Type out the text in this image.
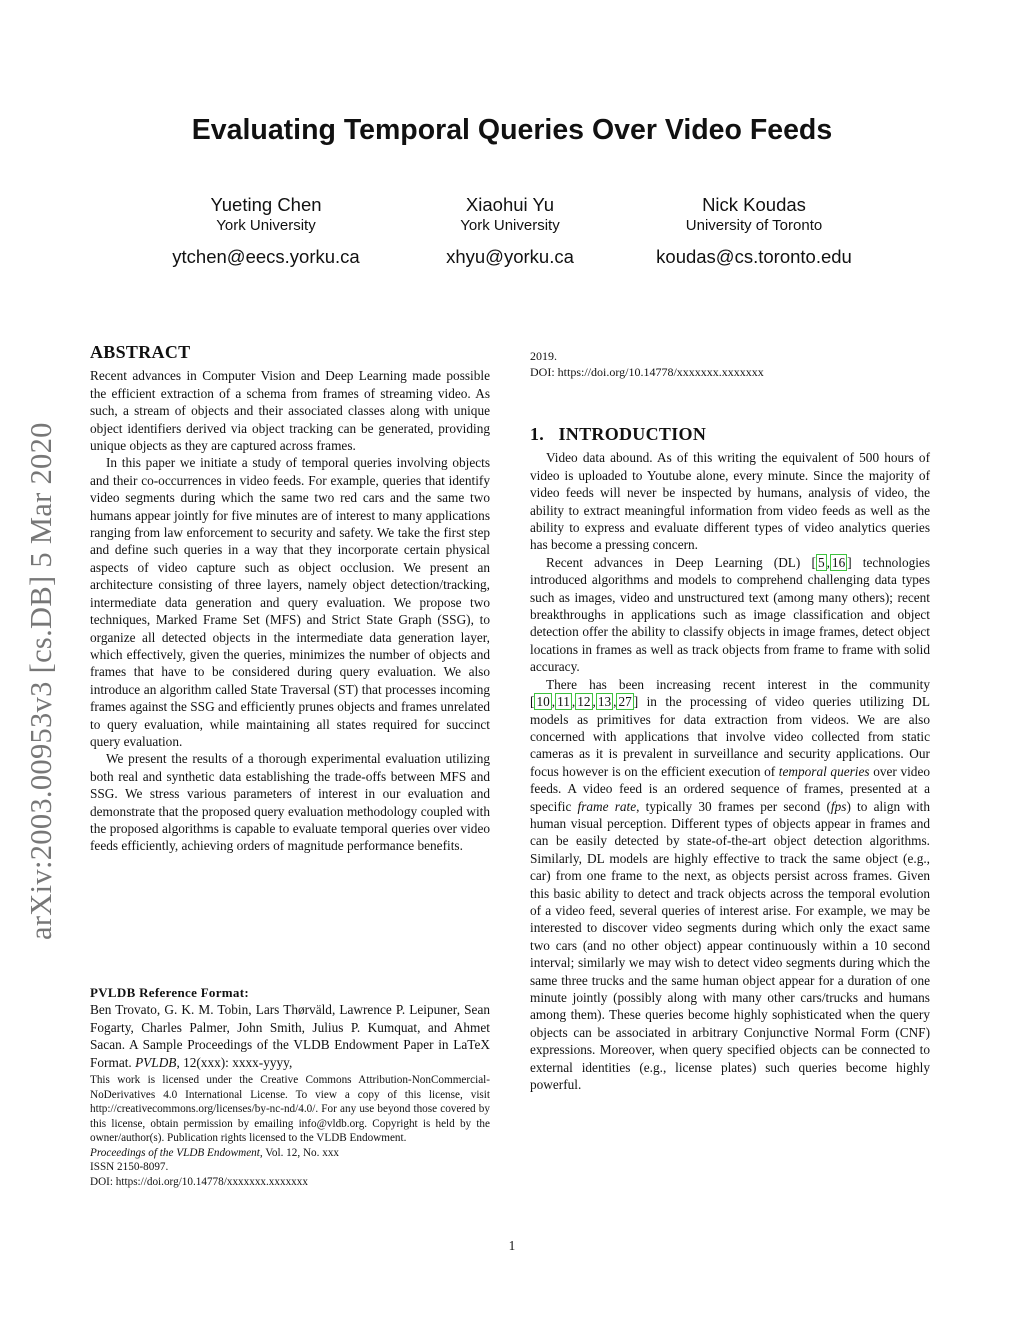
arXiv:2003.00953v3 [cs.DB] 5 Mar 2020
Evaluating Temporal Queries Over Video Feeds
Yueting Chen
York University
ytchen@eecs.yorku.ca
Xiaohui Yu
York University
xhyu@yorku.ca
Nick Koudas
University of Toronto
koudas@cs.toronto.edu
ABSTRACT

Recent advances in Computer Vision and Deep Learning made possible the efficient extraction of a schema from frames of streaming video. As such, a stream of objects and their associated classes along with unique object identifiers derived via object tracking can be generated, providing unique objects as they are captured across frames.

In this paper we initiate a study of temporal queries involving objects and their co-occurrences in video feeds. For example, queries that identify video segments during which the same two red cars and the same two humans appear jointly for five minutes are of interest to many applications ranging from law enforcement to security and safety. We take the first step and define such queries in a way that they incorporate certain physical aspects of video capture such as object occlusion. We present an architecture consisting of three layers, namely object detection/tracking, intermediate data generation and query evaluation. We propose two techniques, Marked Frame Set (MFS) and Strict State Graph (SSG), to organize all detected objects in the intermediate data generation layer, which effectively, given the queries, minimizes the number of objects and frames that have to be considered during query evaluation. We also introduce an algorithm called State Traversal (ST) that processes incoming frames against the SSG and efficiently prunes objects and frames unrelated to query evaluation, while maintaining all states required for succinct query evaluation.

We present the results of a thorough experimental evaluation utilizing both real and synthetic data establishing the trade-offs between MFS and SSG. We stress various parameters of interest in our evaluation and demonstrate that the proposed query evaluation methodology coupled with the proposed algorithms is capable to evaluate temporal queries over video feeds efficiently, achieving orders of magnitude performance benefits.

PVLDB Reference Format:

Ben Trovato, G. K. M. Tobin, Lars Thørväld, Lawrence P. Leipuner, Sean Fogarty, Charles Palmer, John Smith, Julius P. Kumquat, and Ahmet Sacan. A Sample Proceedings of the VLDB Endowment Paper in LaTeX Format. PVLDB, 12(xxx): xxxx-yyyy,

This work is licensed under the Creative Commons Attribution-NonCommercial-NoDerivatives 4.0 International License. To view a copy of this license, visit http://creativecommons.org/licenses/by-nc-nd/4.0/. For any use beyond those covered by this license, obtain permission by emailing info@vldb.org. Copyright is held by the owner/author(s). Publication rights licensed to the VLDB Endowment.

Proceedings of the VLDB Endowment, Vol. 12, No. xxx

ISSN 2150-8097.

DOI: https://doi.org/10.14778/xxxxxxx.xxxxxxx

2019.
DOI: https://doi.org/10.14778/xxxxxxx.xxxxxxx
1.   INTRODUCTION

Video data abound. As of this writing the equivalent of 500 hours of video is uploaded to Youtube alone, every minute. Since the majority of video feeds will never be inspected by humans, analysis of video, the ability to extract meaningful information from video feeds as well as the ability to express and evaluate different types of video analytics queries has become a pressing concern.

Recent advances in Deep Learning (DL) [ 5 , 16 ] technologies introduced algorithms and models to comprehend challenging data types such as images, video and unstructured text (among many others); recent breakthroughs in applications such as image classification and object detection offer the ability to classify objects in image frames, detect object locations in frames as well as track objects from frame to frame with solid accuracy.

There has been increasing recent interest in the community [ 10 , 11 , 12 , 13 , 27 ] in the processing of video queries utilizing DL models as primitives for data extraction from videos. We are also concerned with applications that involve video collected from static cameras as it is prevalent in surveillance and security applications. Our focus however is on the efficient execution of temporal queries over video feeds. A video feed is an ordered sequence of frames, presented at a specific frame rate, typically 30 frames per second (fps) to align with human visual perception. Different types of objects appear in frames and can be easily detected by state-of-the-art object detection algorithms. Similarly, DL models are highly effective to track the same object (e.g., car) from one frame to the next, as objects persist across frames. Given this basic ability to detect and track objects across the temporal evolution of a video feed, several queries of interest arise. For example, we may be interested to discover video segments during which only the exact same two cars (and no other object) appear continuously within a 10 second interval; similarly we may wish to detect video segments during which the same three trucks and the same human object appear for a duration of one minute jointly (possibly along with many other cars/trucks and humans among them). These queries become highly sophisticated when the query objects can be associated in arbitrary Conjunctive Normal Form (CNF) expressions. Moreover, when query specified objects can be connected to external identities (e.g., license plates) such queries become highly powerful.

1
